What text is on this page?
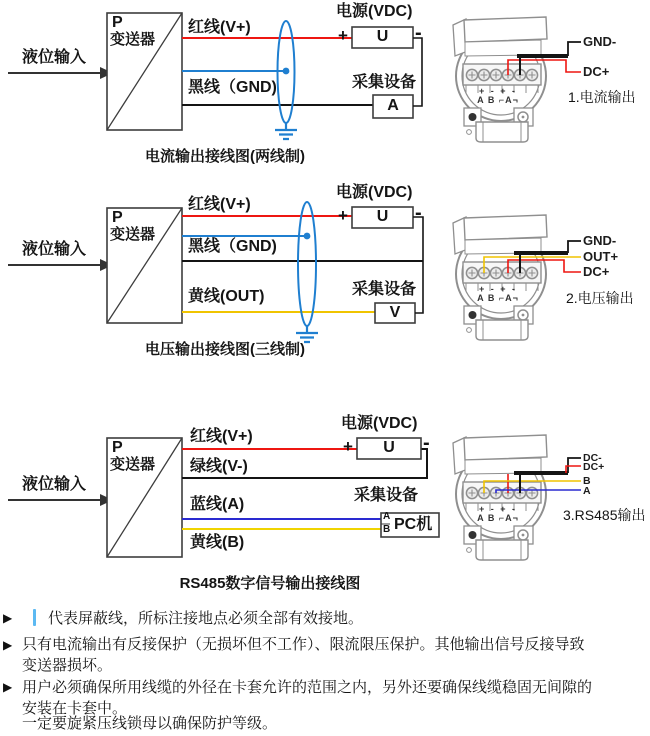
液位输入
P
变送器
红线(V+)
黑线（GND)
电源(VDC)
+	-
U
采集设备
A
电流输出接线图(两线制)
+ - + -
A B ⌐A¬
GND-
DC+
1.电流输出
液位输入
P
变送器
红线(V+)
黑线（GND)
黄线(OUT)
电源(VDC)
+	-
U
采集设备
V
电压输出接线图(三线制)
+ - + -
A B ⌐A¬
GND-
OUT+
DC+
2.电压输出
液位输入
P
变送器
红线(V+)
绿线(V-)
蓝线(A)
黄线(B)
电源(VDC)
+	-
U
采集设备
A
B PC机
RS485数字信号输出接线图
+ - + -
A B ⌐A¬
DC-
DC+
B
A
3.RS485输出
▶ 代表屏蔽线，所标注接地点必须全部有效接地。
▶ 只有电流输出有反接保护（无损坏但不工作）、限流限压保护。其他输出信号反接导致
变送器损坏。
▶ 用户必须确保所用线缆的外径在卡套允许的范围之内，另外还要确保线缆稳固无间隙的
安装在卡套中。
一定要旋紧压线锁母以确保防护等级。
